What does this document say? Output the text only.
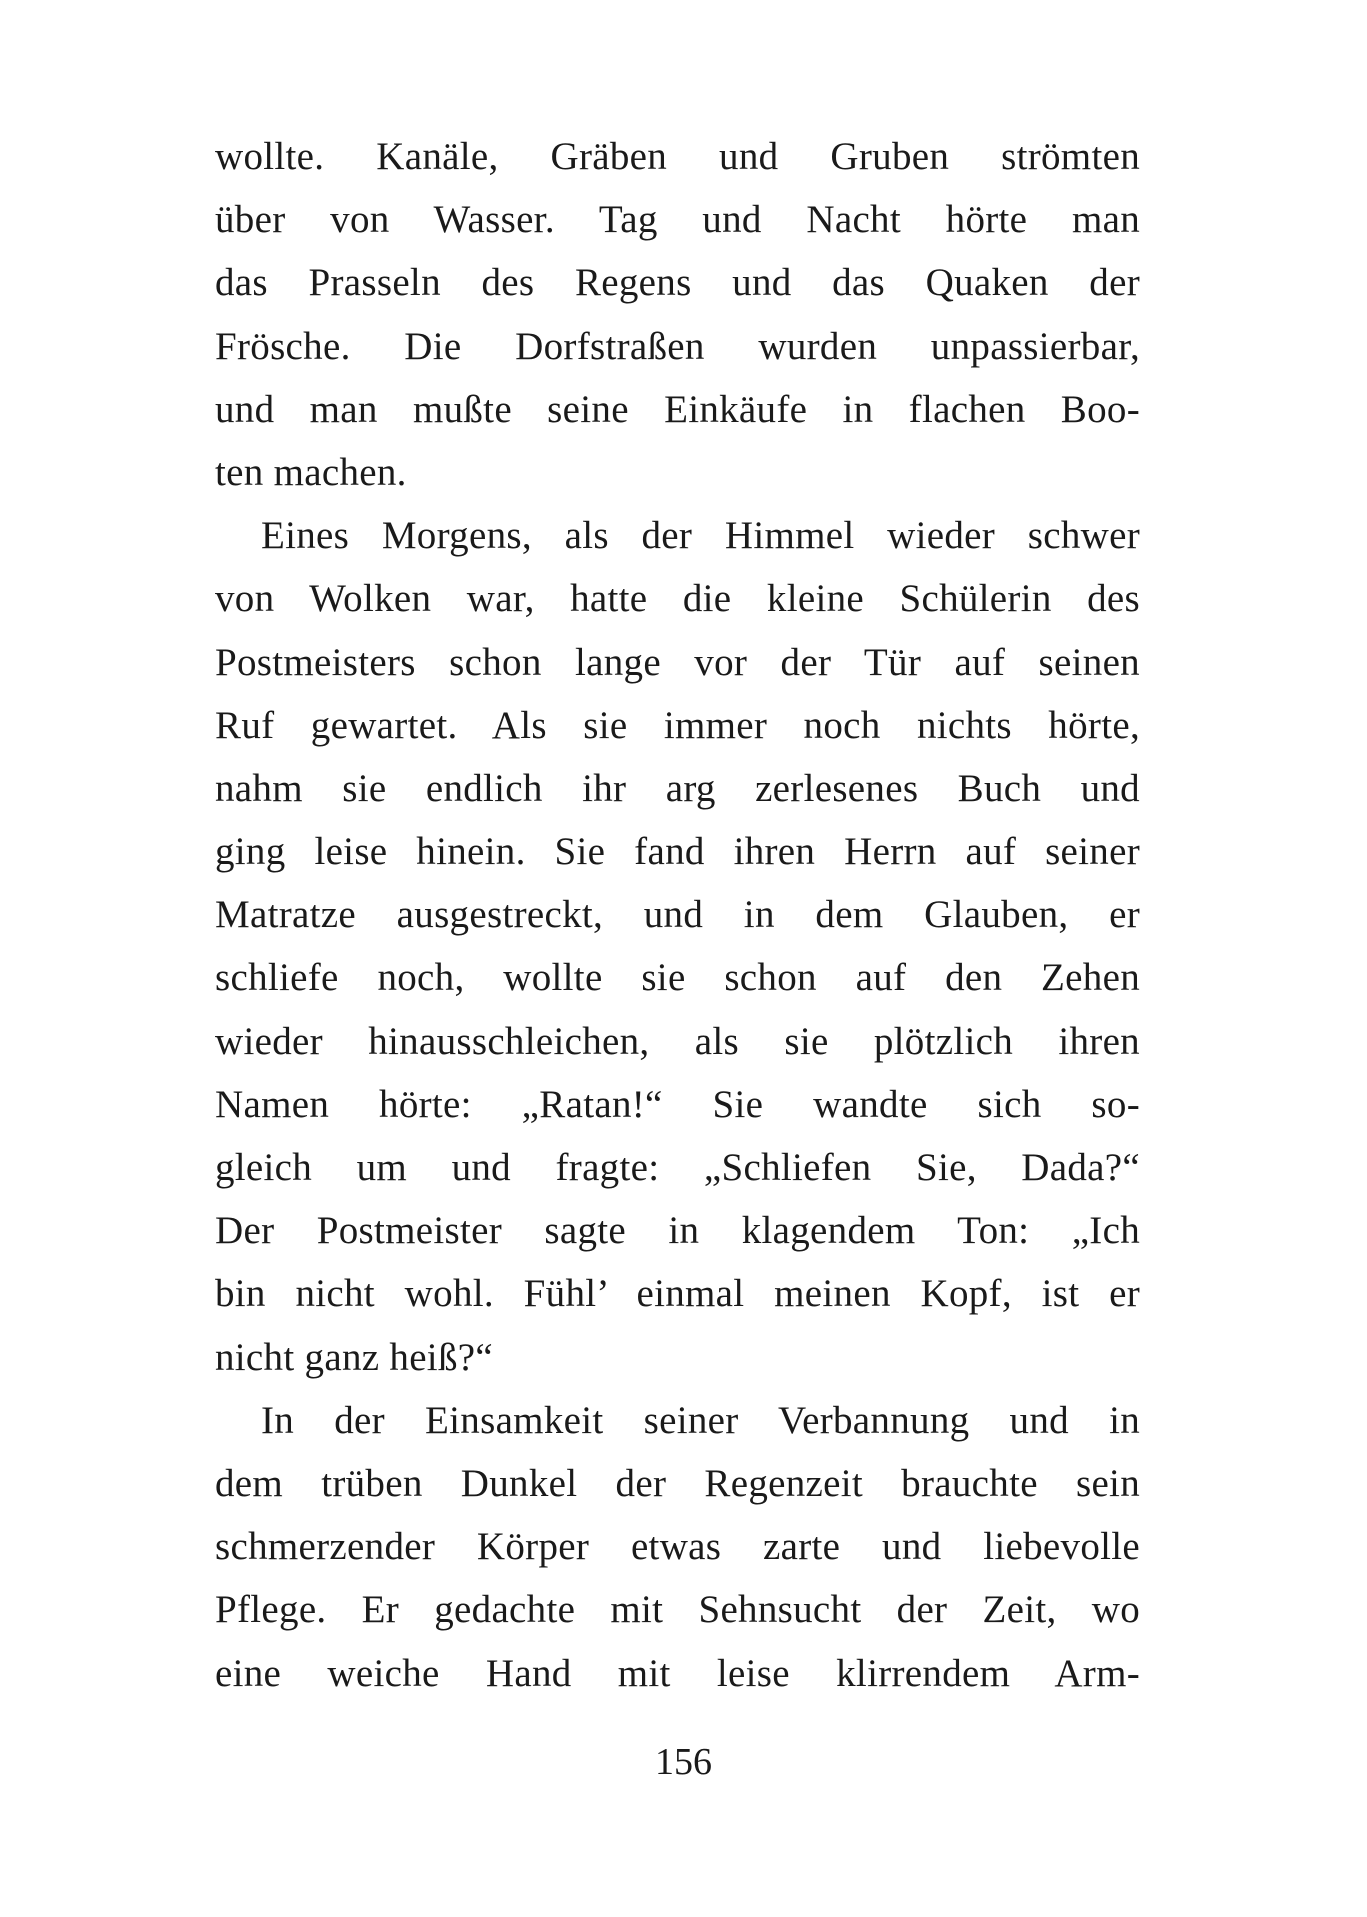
wollte. Kanäle, Gräben und Gruben strömten
über von Wasser. Tag und Nacht hörte man
das Prasseln des Regens und das Quaken der
Frösche. Die Dorfstraßen wurden unpassierbar,
und man mußte seine Einkäufe in flachen Boo-
ten machen.
Eines Morgens, als der Himmel wieder schwer
von Wolken war, hatte die kleine Schülerin des
Postmeisters schon lange vor der Tür auf seinen
Ruf gewartet. Als sie immer noch nichts hörte,
nahm sie endlich ihr arg zerlesenes Buch und
ging leise hinein. Sie fand ihren Herrn auf seiner
Matratze ausgestreckt, und in dem Glauben, er
schliefe noch, wollte sie schon auf den Zehen
wieder hinausschleichen, als sie plötzlich ihren
Namen hörte: „Ratan!“ Sie wandte sich so-
gleich um und fragte: „Schliefen Sie, Dada?“
Der Postmeister sagte in klagendem Ton: „Ich
bin nicht wohl. Fühl’ einmal meinen Kopf, ist er
nicht ganz heiß?“
In der Einsamkeit seiner Verbannung und in
dem trüben Dunkel der Regenzeit brauchte sein
schmerzender Körper etwas zarte und liebevolle
Pflege. Er gedachte mit Sehnsucht der Zeit, wo
eine weiche Hand mit leise klirrendem Arm-
156
